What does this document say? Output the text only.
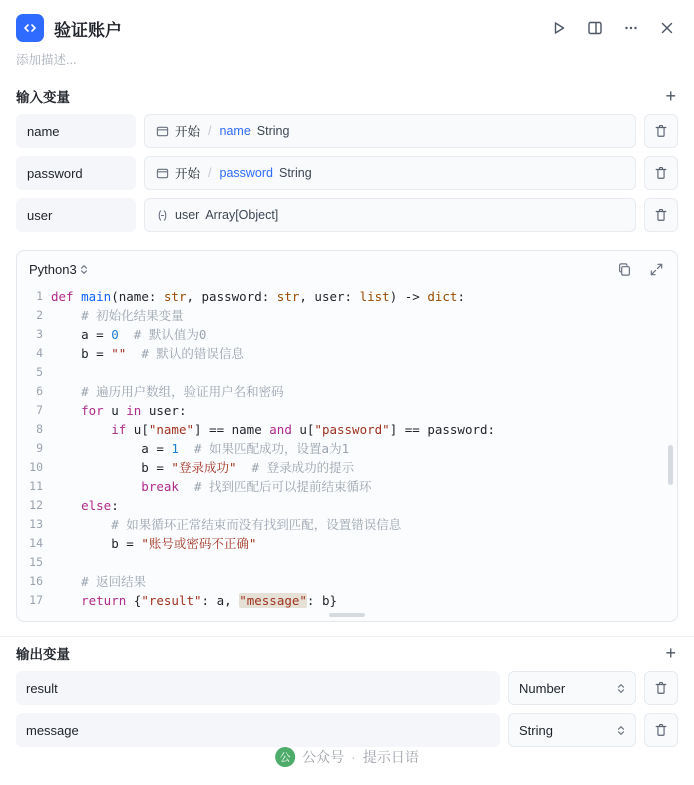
验证账户
添加描述...
输入变量	+
name	开始 / name String
password	开始 / password String
user	user Array[Object]
Python3
1 def main(name: str, password: str, user: list) -> dict:
2 # 初始化结果变量
3 a = 0  # 默认值为0
4 b = ""  # 默认的错误信息
5
6 # 遍历用户数组，验证用户名和密码
7 for u in user:
8 if u["name"] == name and u["password"] == password:
9 a = 1  # 如果匹配成功，设置a为1
10 b = "登录成功"  # 登录成功的提示
11 break  # 找到匹配后可以提前结束循环
12 else:
13 # 如果循环正常结束而没有找到匹配，设置错误信息
14 b = "账号或密码不正确"
15
16 # 返回结果
17 return {"result": a, "message": b}
输出变量	+
result	Number
message	String
公 公众号 · 提示日语
